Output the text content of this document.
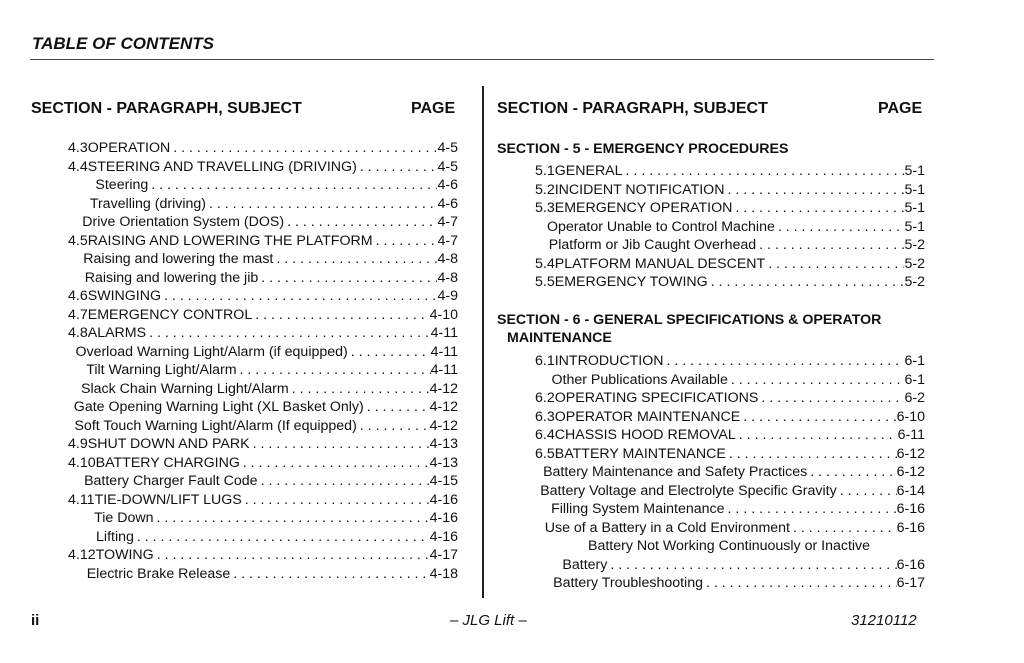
TABLE OF CONTENTS
SECTION - PARAGRAPH, SUBJECT	PAGE	SECTION - PARAGRAPH, SUBJECT	PAGE
4.3 OPERATION . . .	4-5
4.4 STEERING AND TRAVELLING (DRIVING) . . .	4-5
Steering . . .	4-6
Travelling (driving) . . .	4-6
Drive Orientation System (DOS) . . .	4-7
4.5 RAISING AND LOWERING THE PLATFORM . . .	4-7
Raising and lowering the mast . . .	4-8
Raising and lowering the jib . . .	4-8
4.6 SWINGING . . .	4-9
4.7 EMERGENCY CONTROL . . .	4-10
4.8 ALARMS . . .	4-11
Overload Warning Light/Alarm (if equipped) . . .	4-11
Tilt Warning Light/Alarm . . .	4-11
Slack Chain Warning Light/Alarm . . .	4-12
Gate Opening Warning Light (XL Basket Only) . . .	4-12
Soft Touch Warning Light/Alarm (If equipped) . . .	4-12
4.9 SHUT DOWN AND PARK . . .	4-13
4.10 BATTERY CHARGING . . .	4-13
Battery Charger Fault Code . . .	4-15
4.11 TIE-DOWN/LIFT LUGS . . .	4-16
Tie Down . . .	4-16
Lifting . . .	4-16
4.12 TOWING . . .	4-17
Electric Brake Release . . .	4-18
SECTION - 5 - EMERGENCY PROCEDURES
5.1 GENERAL . . .	5-1
5.2 INCIDENT NOTIFICATION . . .	5-1
5.3 EMERGENCY OPERATION . . .	5-1
Operator Unable to Control Machine . . .	5-1
Platform or Jib Caught Overhead . . .	5-2
5.4 PLATFORM MANUAL DESCENT . . .	5-2
5.5 EMERGENCY TOWING . . .	5-2
SECTION - 6 - GENERAL SPECIFICATIONS & OPERATOR
MAINTENANCE
6.1 INTRODUCTION . . .	6-1
Other Publications Available . . .	6-1
6.2 OPERATING SPECIFICATIONS . . .	6-2
6.3 OPERATOR MAINTENANCE . . .	6-10
6.4 CHASSIS HOOD REMOVAL . . .	6-11
6.5 BATTERY MAINTENANCE . . .	6-12
Battery Maintenance and Safety Practices . . .	6-12
Battery Voltage and Electrolyte Specific Gravity . . .	6-14
Filling System Maintenance . . .	6-16
Use of a Battery in a Cold Environment . . .	6-16
Battery Not Working Continuously or Inactive
Battery . . .	6-16
Battery Troubleshooting . . .	6-17
ii	– JLG Lift –	31210112
